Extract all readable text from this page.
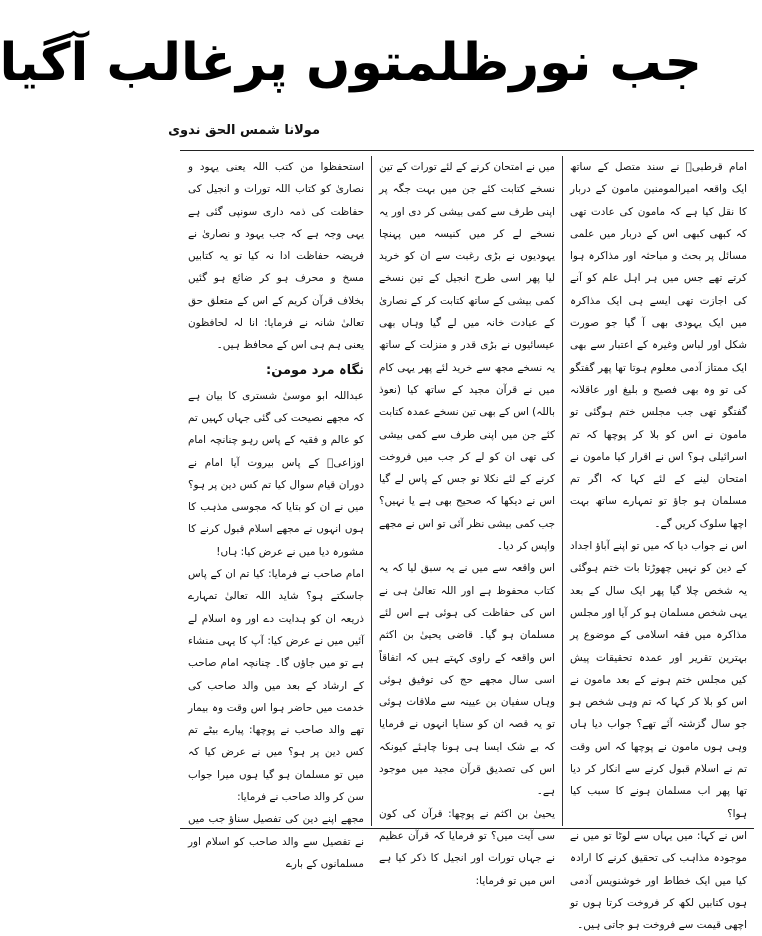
جب نورظلمتوں پرغالب آگیا
مولانا شمس الحق ندوی

امام قرطبیؒ نے سند متصل کے ساتھ ایک واقعہ امیرالمومنین مامون کے دربار کا نقل کیا ہے کہ مامون کی عادت تھی کہ کبھی کبھی اس کے دربار میں علمی مسائل پر بحث و مباحثہ اور مذاکرہ ہوا کرتے تھے جس میں ہر اہل علم کو آنے کی اجازت تھی ایسے ہی ایک مذاکرہ میں ایک یہودی بھی آ گیا جو صورت شکل اور لباس وغیرہ کے اعتبار سے بھی ایک ممتاز آدمی معلوم ہوتا تھا پھر گفتگو کی تو وہ بھی فصیح و بلیغ اور عاقلانہ گفتگو تھی جب مجلس ختم ہوگئی تو مامون نے اس کو بلا کر پوچھا کہ تم اسرائیلی ہو؟ اس نے اقرار کیا مامون نے امتحان لینے کے لئے کہا کہ اگر تم مسلمان ہو جاؤ تو تمہارے ساتھ بہت اچھا سلوک کریں گے۔

اس نے جواب دیا کہ میں تو اپنے آباؤ اجداد کے دین کو نہیں چھوڑتا بات ختم ہوگئی یہ شخص چلا گیا پھر ایک سال کے بعد یہی شخص مسلمان ہو کر آیا اور مجلس مذاکرہ میں فقہ اسلامی کے موضوع پر بہترین تقریر اور عمدہ تحقیقات پیش کیں مجلس ختم ہونے کے بعد مامون نے اس کو بلا کر کہا کہ تم وہی شخص ہو جو سال گزشتہ آئے تھے؟ جواب دیا ہاں وہی ہوں مامون نے پوچھا کہ اس وقت تم نے اسلام قبول کرنے سے انکار کر دیا تھا پھر اب مسلمان ہونے کا سبب کیا ہوا؟

اس نے کہا: میں یہاں سے لوٹا تو میں نے موجودہ مذاہب کی تحقیق کرنے کا ارادہ کیا میں ایک خطاط اور خوشنویس آدمی ہوں کتابیں لکھ کر فروخت کرتا ہوں تو اچھی قیمت سے فروخت ہو جاتی ہیں۔

میں نے امتحان کرنے کے لئے تورات کے تین نسخے کتابت کئے جن میں بہت جگہ پر اپنی طرف سے کمی بیشی کر دی اور یہ نسخے لے کر میں کنیسہ میں پہنچا یہودیوں نے بڑی رغبت سے ان کو خرید لیا پھر اسی طرح انجیل کے تین نسخے کمی بیشی کے ساتھ کتابت کر کے نصاریٰ کے عبادت خانہ میں لے گیا وہاں بھی عیسائیوں نے بڑی قدر و منزلت کے ساتھ یہ نسخے مجھ سے خرید لئے پھر یہی کام میں نے قرآن مجید کے ساتھ کیا (نعوذ باللہ) اس کے بھی تین نسخے عمدہ کتابت کئے جن میں اپنی طرف سے کمی بیشی کی تھی ان کو لے کر جب میں فروخت کرنے کے لئے نکلا تو جس کے پاس لے گیا اس نے دیکھا کہ صحیح بھی ہے یا نہیں؟ جب کمی بیشی نظر آئی تو اس نے مجھے واپس کر دیا۔

اس واقعہ سے میں نے یہ سبق لیا کہ یہ کتاب محفوظ ہے اور اللہ تعالیٰ ہی نے اس کی حفاظت کی ہوئی ہے اس لئے مسلمان ہو گیا۔ قاضی یحییٰ بن اکثم اس واقعہ کے راوی کہتے ہیں کہ اتفاقاً اسی سال مجھے حج کی توفیق ہوئی وہاں سفیان بن عیینہ سے ملاقات ہوئی تو یہ قصہ ان کو سنایا انہوں نے فرمایا کہ بے شک ایسا ہی ہونا چاہئے کیونکہ اس کی تصدیق قرآن مجید میں موجود ہے۔

یحییٰ بن اکثم نے پوچھا: قرآن کی کون سی آیت میں؟ تو فرمایا کہ قرآن عظیم نے جہاں تورات اور انجیل کا ذکر کیا ہے اس میں تو فرمایا:

استحفظوا من کتب اللہ یعنی یہود و نصاریٰ کو کتاب اللہ تورات و انجیل کی حفاظت کی ذمہ داری سونپی گئی ہے یہی وجہ ہے کہ جب یہود و نصاریٰ نے فریضہ حفاظت ادا نہ کیا تو یہ کتابیں مسخ و محرف ہو کر ضائع ہو گئیں بخلاف قرآن کریم کے اس کے متعلق حق تعالیٰ شانہ نے فرمایا: انا لہ لحافظون یعنی ہم ہی اس کے محافظ ہیں۔

نگاہ مرد مومن:

عبداللہ ابو موسیٰ شستری کا بیان ہے کہ مجھے نصیحت کی گئی جہاں کہیں تم کو عالم و فقیہ کے پاس رہو چنانچہ امام اوزاعیؒ کے پاس بیروت آیا امام نے دوران قیام سوال کیا تم کس دین پر ہو؟ میں نے ان کو بتایا کہ مجوسی مذہب کا ہوں انہوں نے مجھے اسلام قبول کرنے کا مشورہ دیا میں نے عرض کیا: ہاں!

امام صاحب نے فرمایا: کیا تم ان کے پاس جاسکتے ہو؟ شاید اللہ تعالیٰ تمہارے ذریعہ ان کو ہدایت دے اور وہ اسلام لے آئیں میں نے عرض کیا: آپ کا یہی منشاء ہے تو میں جاؤں گا۔ چنانچہ امام صاحب کے ارشاد کے بعد میں والد صاحب کی خدمت میں حاضر ہوا اس وقت وہ بیمار تھے والد صاحب نے پوچھا: پیارے بیٹے تم کس دین پر ہو؟ میں نے عرض کیا کہ میں تو مسلمان ہو گیا ہوں میرا جواب سن کر والد صاحب نے فرمایا:

مجھے اپنے دین کی تفصیل سناؤ جب میں نے تفصیل سے والد صاحب کو اسلام اور مسلمانوں کے بارے
